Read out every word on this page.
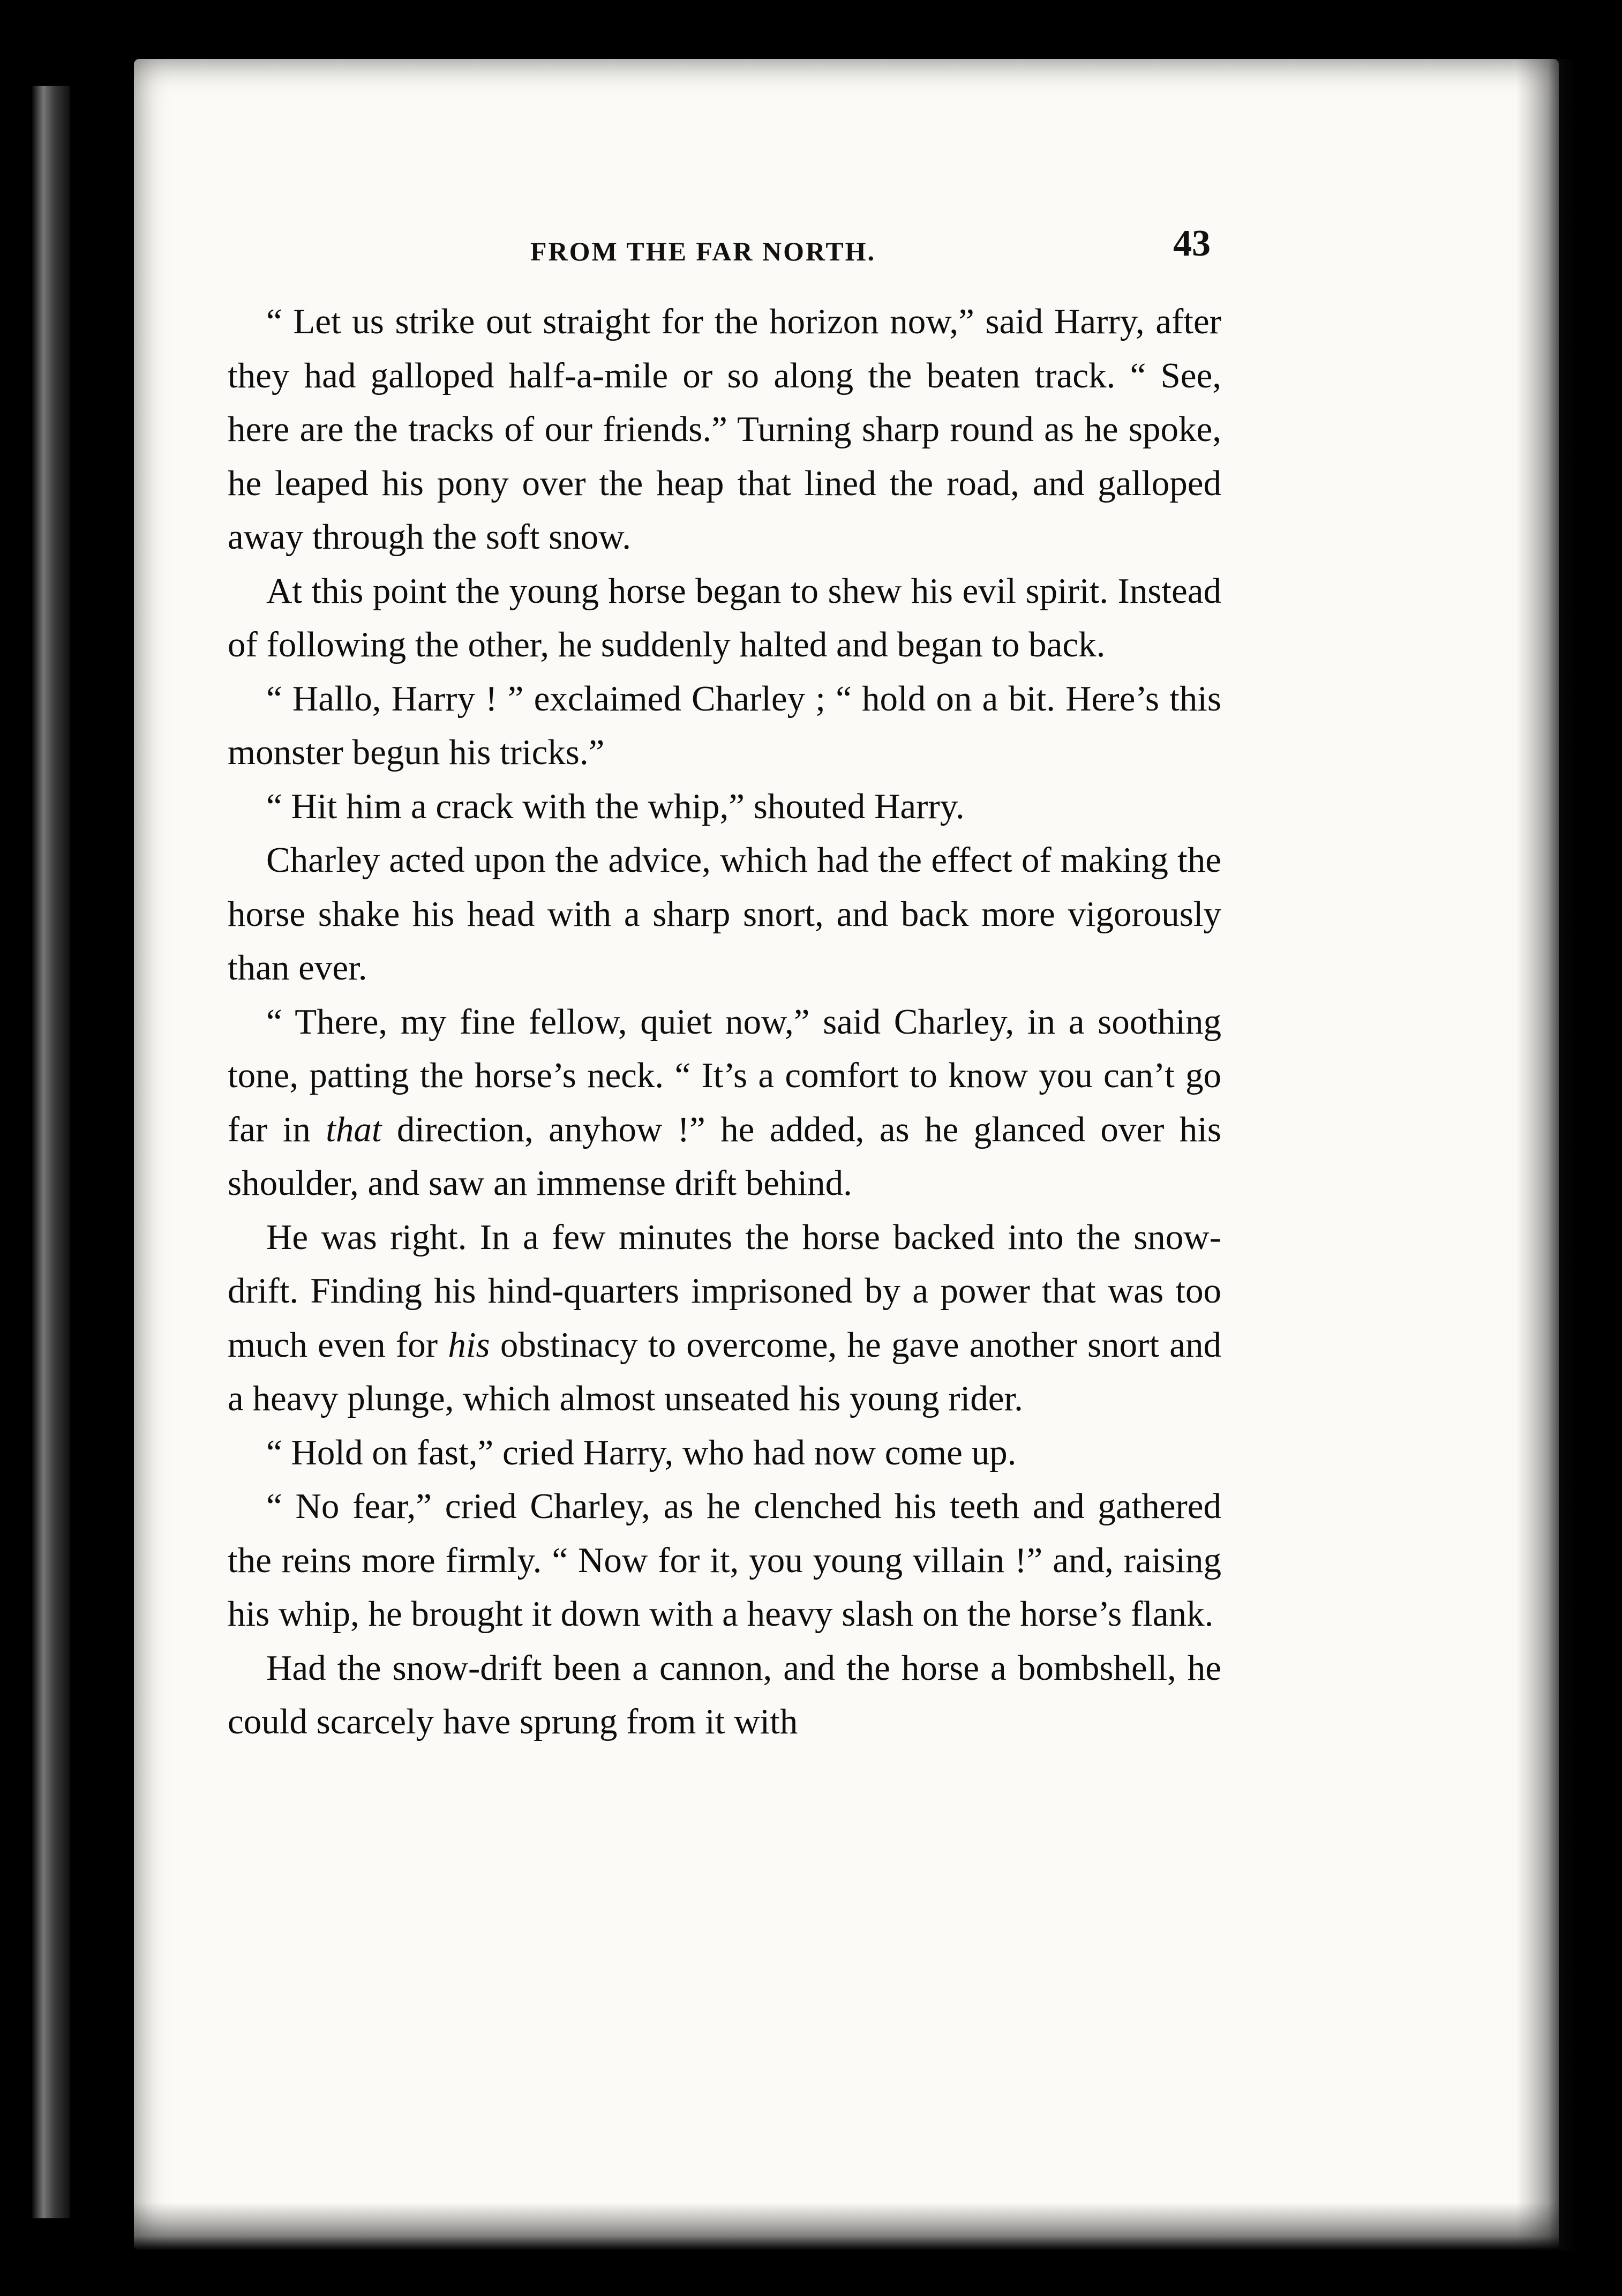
FROM THE FAR NORTH.	43

“ Let us strike out straight for the horizon now,” said Harry, after they had galloped half-a-mile or so along the beaten track. “ See, here are the tracks of our friends.” Turning sharp round as he spoke, he leaped his pony over the heap that lined the road, and galloped away through the soft snow.

At this point the young horse began to shew his evil spirit. Instead of following the other, he suddenly halted and began to back.

“ Hallo, Harry ! ” exclaimed Charley ; “ hold on a bit. Here’s this monster begun his tricks.”

“ Hit him a crack with the whip,” shouted Harry.

Charley acted upon the advice, which had the effect of making the horse shake his head with a sharp snort, and back more vigorously than ever.

“ There, my fine fellow, quiet now,” said Charley, in a soothing tone, patting the horse’s neck. “ It’s a comfort to know you can’t go far in that direction, anyhow !” he added, as he glanced over his shoulder, and saw an immense drift behind.

He was right. In a few minutes the horse backed into the snow-drift. Finding his hind-quarters imprisoned by a power that was too much even for his obstinacy to overcome, he gave another snort and a heavy plunge, which almost unseated his young rider.

“ Hold on fast,” cried Harry, who had now come up.

“ No fear,” cried Charley, as he clenched his teeth and gathered the reins more firmly. “ Now for it, you young villain !” and, raising his whip, he brought it down with a heavy slash on the horse’s flank.

Had the snow-drift been a cannon, and the horse a bombshell, he could scarcely have sprung from it with
